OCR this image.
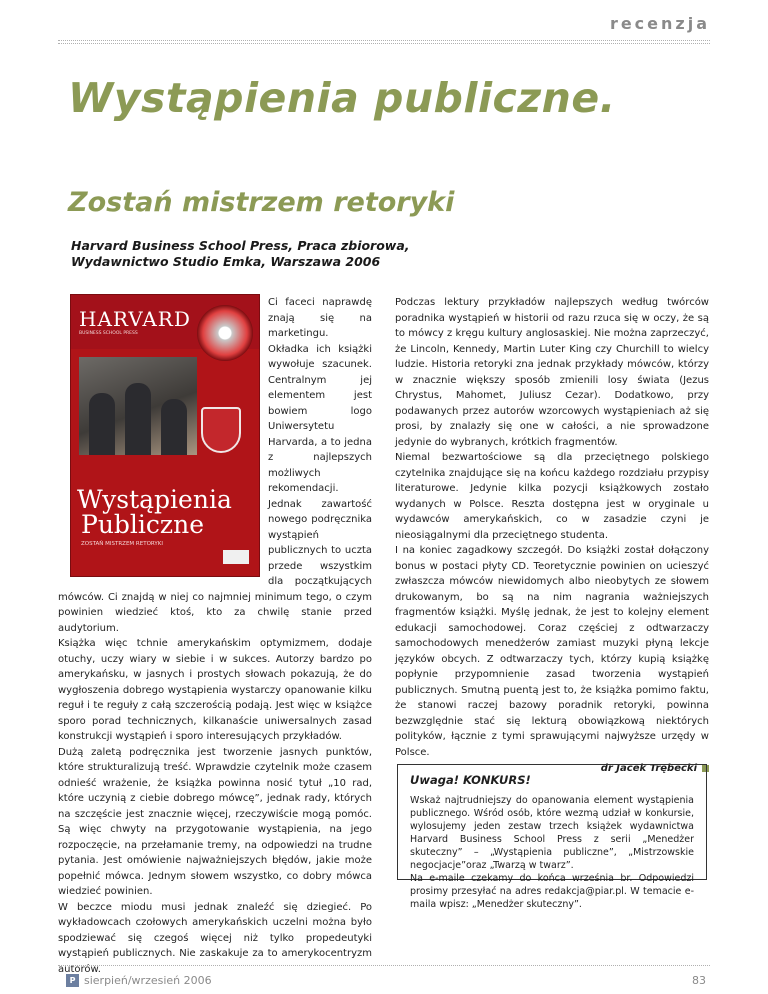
recenzja
Wystąpienia publiczne.
Zostań mistrzem retoryki
Harvard Business School Press, Praca zbiorowa,
Wydawnictwo Studio Emka, Warszawa 2006

Ci faceci naprawdę znają się na marketingu. Okładka ich książki wywołuje szacunek. Centralnym jej elementem jest bowiem logo Uniwersytetu Harvarda, a to jedna z najlepszych możliwych rekomendacji.

Jednak zawartość nowego podręcznika wystąpień publicznych to uczta przede wszystkim dla początkujących mówców. Ci znajdą w niej co najmniej minimum tego, o czym powinien wiedzieć ktoś, kto za chwilę stanie przed audytorium.

Książka więc tchnie amerykańskim optymizmem, dodaje otuchy, uczy wiary w siebie i w sukces. Autorzy bardzo po amerykańsku, w jasnych i prostych słowach pokazują, że do wygłoszenia dobrego wystąpienia wystarczy opanowanie kilku reguł i te reguły z całą szczerością podają. Jest więc w książce sporo porad technicznych, kilkanaście uniwersalnych zasad konstrukcji wystąpień i sporo interesujących przykładów.

Dużą zaletą podręcznika jest tworzenie jasnych punktów, które strukturalizują treść. Wprawdzie czytelnik może czasem odnieść wrażenie, że książka powinna nosić tytuł „10 rad, które uczynią z ciebie dobrego mówcę”, jednak rady, których na szczęście jest znacznie więcej, rzeczywiście mogą pomóc. Są więc chwyty na przygotowanie wystąpienia, na jego rozpoczęcie, na przełamanie tremy, na odpowiedzi na trudne pytania. Jest omówienie najważniejszych błędów, jakie może popełnić mówca. Jednym słowem wszystko, co dobry mówca wiedzieć powinien.

W beczce miodu musi jednak znaleźć się dziegieć. Po wykładowcach czołowych amerykańskich uczelni można było spodziewać się czegoś więcej niż tylko propedeutyki wystąpień publicznych. Nie zaskakuje za to amerykocentryzm autorów.

HARVARD
BUSINESS SCHOOL PRESS
Wystąpienia
Publiczne
ZOSTAŃ MISTRZEM RETORYKI

Podczas lektury przykładów najlepszych według twórców poradnika wystąpień w historii od razu rzuca się w oczy, że są to mówcy z kręgu kultury anglosaskiej. Nie można zaprzeczyć, że Lincoln, Kennedy, Martin Luter King czy Churchill to wielcy ludzie. Historia retoryki zna jednak przykłady mówców, którzy w znacznie większy sposób zmienili losy świata (Jezus Chrystus, Mahomet, Juliusz Cezar). Dodatkowo, przy podawanych przez autorów wzorcowych wystąpieniach aż się prosi, by znalazły się one w całości, a nie sprowadzone jedynie do wybranych, krótkich fragmentów.

Niemal bezwartościowe są dla przeciętnego polskiego czytelnika znajdujące się na końcu każdego rozdziału przypisy literaturowe. Jedynie kilka pozycji książkowych zostało wydanych w Polsce. Reszta dostępna jest w oryginale u wydawców amerykańskich, co w zasadzie czyni je nieosiągalnymi dla przeciętnego studenta.

I na koniec zagadkowy szczegół. Do książki został dołączony bonus w postaci płyty CD. Teoretycznie powinien on ucieszyć zwłaszcza mówców niewidomych albo nieobytych ze słowem drukowanym, bo są na nim nagrania ważniejszych fragmentów książki. Myślę jednak, że jest to kolejny element edukacji samochodowej. Coraz częściej z odtwarzaczy samochodowych menedżerów zamiast muzyki płyną lekcje języków obcych. Z odtwarzaczy tych, którzy kupią książkę popłynie przypomnienie zasad tworzenia wystąpień publicznych. Smutną puentą jest to, że książka pomimo faktu, że stanowi raczej bazowy poradnik retoryki, powinna bezwzględnie stać się lekturą obowiązkową niektórych polityków, łącznie z tymi sprawującymi najwyższe urzędy w Polsce.

dr Jacek Trębecki
Uwaga! KONKURS!
Wskaż najtrudniejszy do opanowania element wystąpienia publicznego. Wśród osób, które wezmą udział w konkursie, wylosujemy jeden zestaw trzech książek wydawnictwa Harvard Business School Press z serii „Menedżer skuteczny” – „Wystąpienia publiczne”, „Mistrzowskie negocjacje”oraz „Twarzą w twarz”.
Na e-maile czekamy do końca września br. Odpowiedzi prosimy przesyłać na adres redakcja@piar.pl. W temacie e-maila wpisz: „Menedżer skuteczny”.
P sierpień/wrzesień 2006	83
